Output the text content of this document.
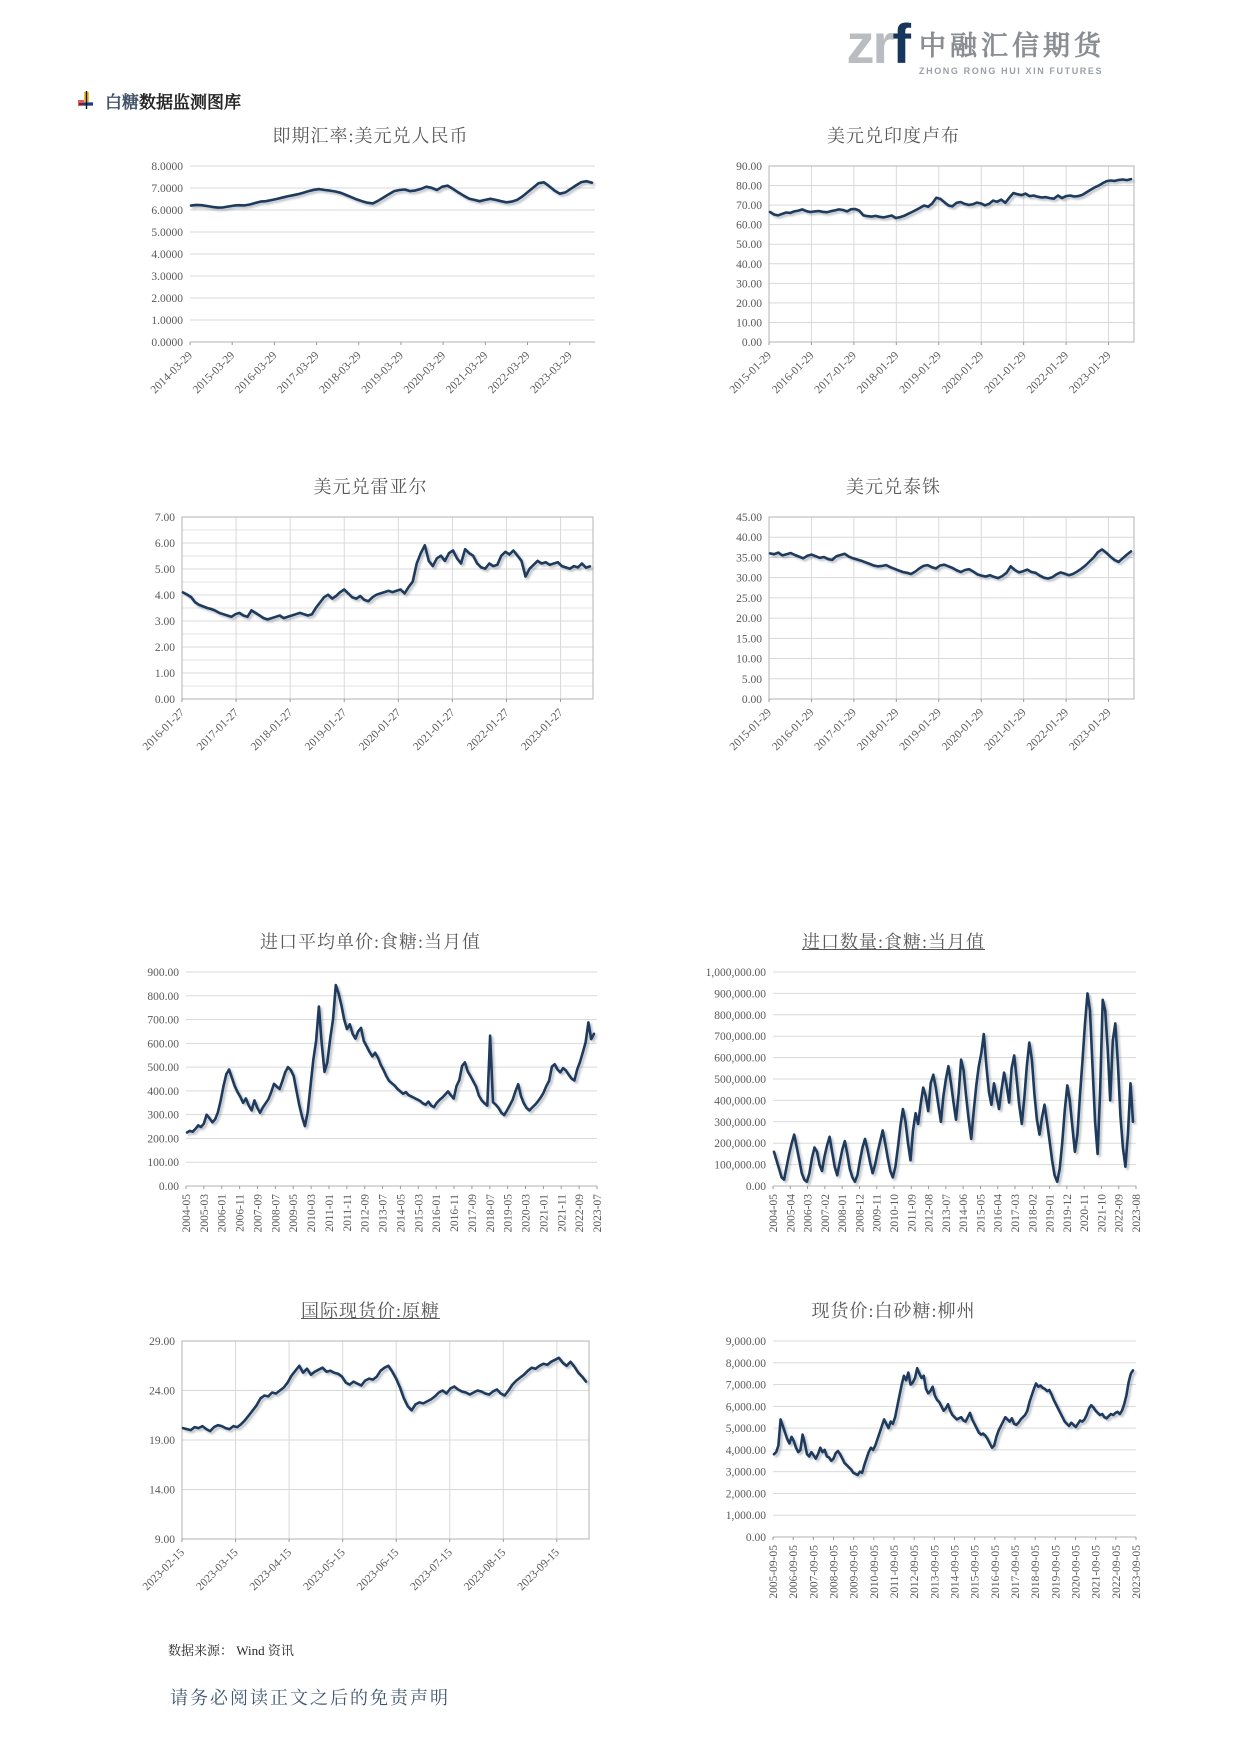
zrf 中融汇信期货
ZHONG RONG HUI XIN FUTURES
白糖数据监测图库
即期汇率:美元兑人民币
8.0000
7.0000
6.0000
5.0000
4.0000
3.0000
2.0000
1.0000
0.0000
2014-03-29
2015-03-29
2016-03-29
2017-03-29
2018-03-29
2019-03-29
2020-03-29
2021-03-29
2022-03-29
2023-03-29
美元兑印度卢布
90.00
80.00
70.00
60.00
50.00
40.00
30.00
20.00
10.00
0.00
2015-01-29
2016-01-29
2017-01-29
2018-01-29
2019-01-29
2020-01-29
2021-01-29
2022-01-29
2023-01-29
美元兑雷亚尔
7.00
6.00
5.00
4.00
3.00
2.00
1.00
0.00
2016-01-27 2017-01-27 2018-01-27 2019-01-27 2020-01-27 2021-01-27 2022-01-27 2023-01-27
美元兑泰铢
45.00
40.00
35.00
30.00
25.00
20.00
15.00
10.00
5.00
0.00
2015-01-29
2016-01-29
2017-01-29
2018-01-29
2019-01-29
2020-01-29
2021-01-29
2022-01-29
2023-01-29
进口平均单价:食糖:当月值
900.00
800.00
700.00
600.00
500.00
400.00
300.00
200.00
100.00
0.00
2004-05 2005-03 2006-01 2006-11 2007-09 2008-07 2009-05 2010-03 2011-01 2011-11 2012-09 2013-07 2014-05 2015-03 2016-01 2016-11 2017-09 2018-07 2019-05 2020-03 2021-01 2021-11 2022-09 2023-07
进口数量:食糖:当月值
1,000,000.00
900,000.00
800,000.00
700,000.00
600,000.00
500,000.00
400,000.00
300,000.00
200,000.00
100,000.00
0.00
2004-05 2005-04 2006-03 2007-02 2008-01 2008-12 2009-11 2010-10 2011-09 2012-08 2013-07 2014-06 2015-05 2016-04 2017-03 2018-02 2019-01 2019-12 2020-11 2021-10 2022-09 2023-08
国际现货价:原糖
29.00
24.00
19.00
14.00
9.00
2023-02-15 2023-03-15 2023-04-15 2023-05-15 2023-06-15 2023-07-15 2023-08-15 2023-09-15
现货价:白砂糖:柳州
9,000.00
8,000.00
7,000.00
6,000.00
5,000.00
4,000.00
3,000.00
2,000.00
1,000.00
0.00
2005-09-05 2006-09-05 2007-09-05 2008-09-05 2009-09-05 2010-09-05 2011-09-05 2012-09-05 2013-09-05 2014-09-05 2015-09-05 2016-09-05 2017-09-05 2018-09-05 2019-09-05 2020-09-05 2021-09-05 2022-09-05 2023-09-05
数据来源： Wind 资讯
请务必阅读正文之后的免责声明
